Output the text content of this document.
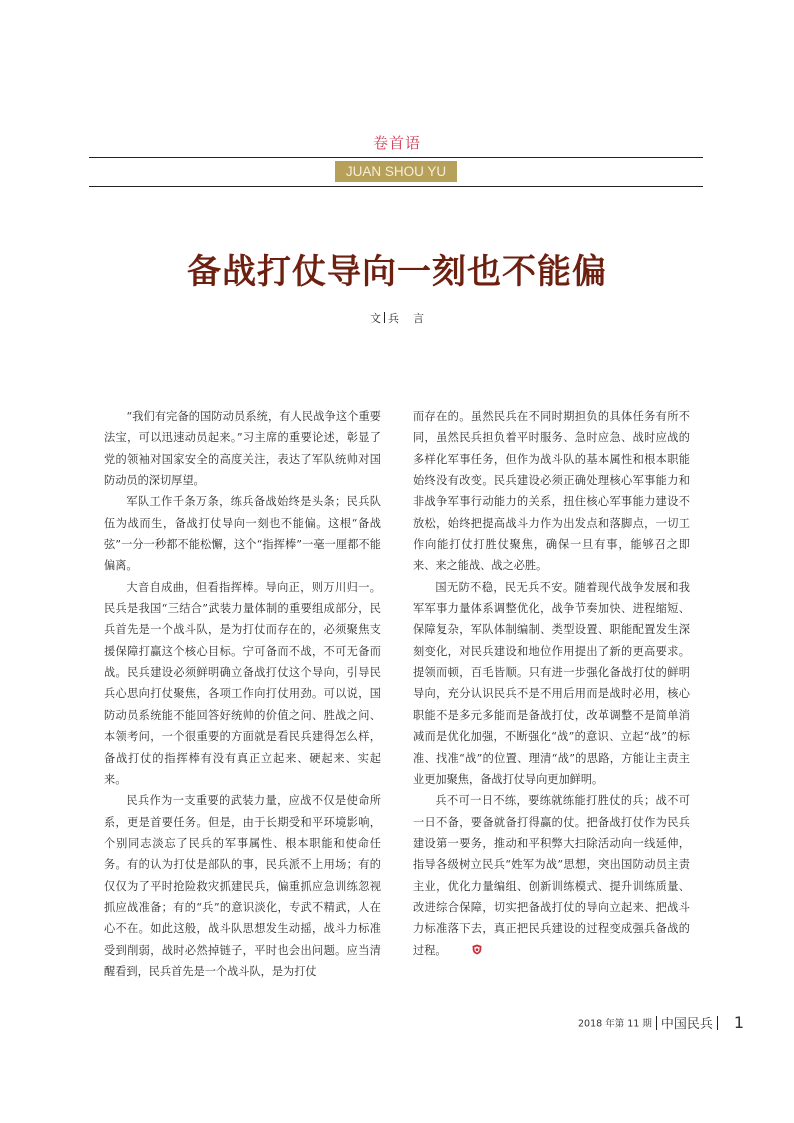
卷首语
JUAN SHOU YU
备战打仗导向一刻也不能偏
文 兵 言

“我们有完备的国防动员系统，有人民战争这个重要法宝，可以迅速动员起来。”习主席的重要论述，彰显了党的领袖对国家安全的高度关注，表达了军队统帅对国防动员的深切厚望。

军队工作千条万条，练兵备战始终是头条；民兵队伍为战而生，备战打仗导向一刻也不能偏。这根“备战弦”一分一秒都不能松懈，这个“指挥棒”一毫一厘都不能偏离。

大音自成曲，但看指挥棒。导向正，则万川归一。民兵是我国“三结合”武装力量体制的重要组成部分，民兵首先是一个战斗队，是为打仗而存在的，必须聚焦支援保障打赢这个核心目标。宁可备而不战，不可无备而战。民兵建设必须鲜明确立备战打仗这个导向，引导民兵心思向打仗聚焦，各项工作向打仗用劲。可以说，国防动员系统能不能回答好统帅的价值之问、胜战之问、本领考问，一个很重要的方面就是看民兵建得怎么样，备战打仗的指挥棒有没有真正立起来、硬起来、实起来。

民兵作为一支重要的武装力量，应战不仅是使命所系，更是首要任务。但是，由于长期受和平环境影响，个别同志淡忘了民兵的军事属性、根本职能和使命任务。有的认为打仗是部队的事，民兵派不上用场；有的仅仅为了平时抢险救灾抓建民兵，偏重抓应急训练忽视抓应战准备；有的“兵”的意识淡化，专武不精武，人在心不在。如此这般，战斗队思想发生动摇，战斗力标准受到削弱，战时必然掉链子，平时也会出问题。应当清醒看到，民兵首先是一个战斗队，是为打仗

而存在的。虽然民兵在不同时期担负的具体任务有所不同，虽然民兵担负着平时服务、急时应急、战时应战的多样化军事任务，但作为战斗队的基本属性和根本职能始终没有改变。民兵建设必须正确处理核心军事能力和非战争军事行动能力的关系，扭住核心军事能力建设不放松，始终把提高战斗力作为出发点和落脚点，一切工作向能打仗打胜仗聚焦，确保一旦有事，能够召之即来、来之能战、战之必胜。

国无防不稳，民无兵不安。随着现代战争发展和我军军事力量体系调整优化，战争节奏加快、进程缩短、保障复杂，军队体制编制、类型设置、职能配置发生深刻变化，对民兵建设和地位作用提出了新的更高要求。提领而顿，百毛皆顺。只有进一步强化备战打仗的鲜明导向，充分认识民兵不是不用后用而是战时必用，核心职能不是多元多能而是备战打仗，改革调整不是简单消减而是优化加强，不断强化“战”的意识、立起“战”的标准、找准“战”的位置、理清“战”的思路，方能让主责主业更加聚焦，备战打仗导向更加鲜明。

兵不可一日不练，要练就练能打胜仗的兵；战不可一日不备，要备就备打得赢的仗。把备战打仗作为民兵建设第一要务，推动和平积弊大扫除活动向一线延伸，指导各级树立民兵“姓军为战”思想，突出国防动员主责主业，优化力量编组、创新训练模式、提升训练质量、改进综合保障，切实把备战打仗的导向立起来、把战斗力标准落下去，真正把民兵建设的过程变成强兵备战的过程。

2018 年第 11 期 中国民兵 1
